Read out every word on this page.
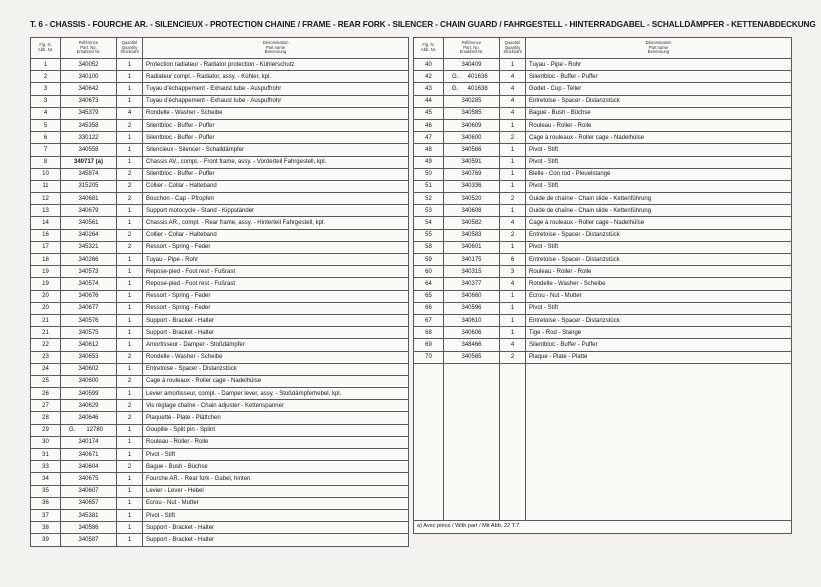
T. 6 - CHASSIS - FOURCHE AR. - SILENCIEUX - PROTECTION CHAINE / FRAME - REAR FORK - SILENCER - CHAIN GUARD / FAHRGESTELL - HINTERRADGABEL - SCHALLDÄMPFER - KETTENABDECKUNG
Fig. N.
Abb. Nr.	Référence
Part. No.
Ersatzteil Nr.	Quantité
Quantity
Stückzahl	Dénomination
Part name
Benennung
1	340052	1	Protection radiateur - Radiator protection - Kühlerschutz
2	340100	1	Radiateur compl. - Radiator, assy. - Kühler, kpl.
3	340642	1	Tuyau d'échappement - Exhaust tube - Auspuffrohr
3	340673	1	Tuyau d'échappement - Exhaust tube - Auspuffrohr
4	345379	4	Rondelle - Washer - Scheibe
5	345358	2	Silentbloc - Buffer - Puffer
6	330122	1	Silentbloc - Buffer - Puffer
7	340558	1	Silencieux - Silencer - Schalldämpfer
8	340717 (a)	1	Chassis AV., compl. - Front frame, assy. - Vorderteil Fahrgestell, kpl.
10	345874	2	Silentbloc - Buffer - Puffer
11	315205	2	Collier - Collar - Halteband
12	340681	2	Bouchon - Cap - Pfropfen
13	340679	1	Support motocycle - Stand - Kippständer
14	340561	1	Chassis AR., compl. - Rear frame, assy. - Hinterteil Fahrgestell, kpl.
16	340264	2	Collier - Collar - Halteband
17	345321	2	Ressort - Spring - Feder
18	340266	1	Tuyau - Pipe - Rohr
19	340573	1	Repose-pied - Foot rest - Fußrast
19	340574	1	Repose-pied - Foot rest - Fußrast
20	340676	1	Ressort - Spring - Feder
20	340677	1	Ressort - Spring - Feder
21	340576	1	Support - Bracket - Halter
21	340575	1	Support - Bracket - Halter
22	340612	1	Amortisseur - Damper - Stoßdämpfer
23	340653	2	Rondelle - Washer - Scheibe
24	340602	1	Entretoise - Spacer - Distanzstück
25	340600	2	Cage à rouleaux - Roller cage - Nadelhülse
26	340599	1	Levier amortisseur, compl. - Damper lever, assy. - Stoßdämpferhebel, kpl.
27	340629	2	Vis réglage chaîne - Chain adjuster - Kettenspanner
28	340646	2	Plaquette - Plate - Plättchen
29	G. 12780	1	Goupille - Split pin - Splint
30	340174	1	Rouleau - Roller - Rolle
31	340671	1	Pivot - Stift
33	340604	2	Bague - Bush - Büchse
34	340675	1	Fourche AR. - Rear fork - Gabel, hinten
35	340607	1	Levier - Lever - Hebel
36	340657	1	Ecrou - Nut - Mutter
37	345381	1	Pivot - Stift
38	340586	1	Support - Bracket - Halter
39	340587	1	Support - Bracket - Halter
Fig. N.
Abb. Nr.	Référence
Part. No.
Ersatzteil Nr.	Quantité
Quantity
Stückzahl	Dénomination
Part name
Benennung
40	340409	1	Tuyau - Pipe - Rohr
42	G. 401636	4	Silentbloc - Buffer - Puffer
43	G. 401638	4	Godet - Cup - Teller
44	340285	4	Entretoise - Spacer - Distanzstück
45	340585	4	Bague - Bush - Büchse
46	340609	1	Rouleau - Roller - Rolle
47	340600	2	Cage à rouleaux - Roller cage - Nadelhülse
48	340566	1	Pivot - Stift
49	340591	1	Pivot - Stift
50	340769	1	Bielle - Con rod - Pleuelstange
51	340336	1	Pivot - Stift
52	340520	2	Guide de chaîne - Chain slide - Kettenführung
53	340608	1	Guide de chaîne - Chain slide - Kettenführung
54	340582	4	Cage à rouleaux - Roller cage - Nadelhülse
55	340583	2	Entretoise - Spacer - Distanzstück
58	340601	1	Pivot - Stift
59	340175	6	Entretoise - Spacer - Distanzstück
60	340315	3	Rouleau - Roller - Rolle
64	340377	4	Rondelle - Washer - Scheibe
65	340660	1	Ecrou - Nut - Mutter
66	340596	1	Pivot - Stift
67	340610	1	Entretoise - Spacer - Distanzstück
68	340606	1	Tige - Rod - Stange
69	348466	4	Silentbloc - Buffer - Puffer
70	340565	2	Plaque - Plate - Platte

a) Avec pièce / With part / Mit Abb. 22 T.7.			
